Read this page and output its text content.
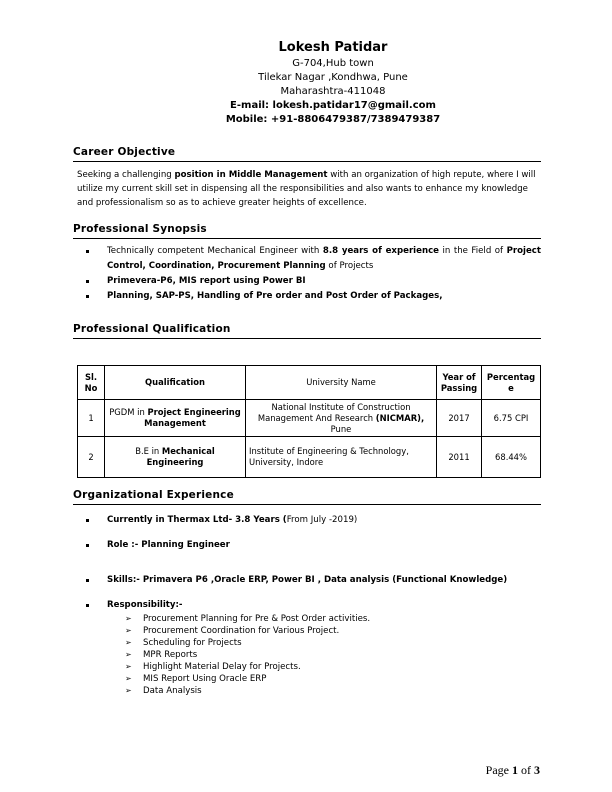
Lokesh Patidar
G-704,Hub town
Tilekar Nagar ,Kondhwa, Pune
Maharashtra-411048
E-mail: lokesh.patidar17@gmail.com
Mobile: +91-8806479387/7389479387
Career Objective
Seeking a challenging position in Middle Management with an organization of high repute, where I will utilize my current skill set in dispensing all the responsibilities and also wants to enhance my knowledge and professionalism so as to achieve greater heights of excellence.
Professional Synopsis
Technically competent Mechanical Engineer with 8.8 years of experience in the Field of Project Control, Coordination, Procurement Planning of Projects
Primevera-P6, MIS report using Power BI
Planning, SAP-PS, Handling of Pre order and Post Order of Packages,
Professional Qualification
Sl. No	Qualification	University Name	Year of Passing	Percentage
1	PGDM in Project Engineering Management	National Institute of Construction Management And Research (NICMAR), Pune	2017	6.75 CPI
2	B.E in Mechanical Engineering	Institute of Engineering & Technology, University, Indore	2011	68.44%
Organizational Experience
Currently in Thermax Ltd- 3.8 Years (From July -2019)
Role :- Planning Engineer
Skills:- Primavera P6 ,Oracle ERP, Power BI , Data analysis (Functional Knowledge)
Responsibility:-
➢ Procurement Planning for Pre & Post Order activities.
➢ Procurement Coordination for Various Project.
➢ Scheduling for Projects
➢ MPR Reports
➢ Highlight Material Delay for Projects.
➢ MIS Report Using Oracle ERP
➢ Data Analysis
Page 1 of 3
